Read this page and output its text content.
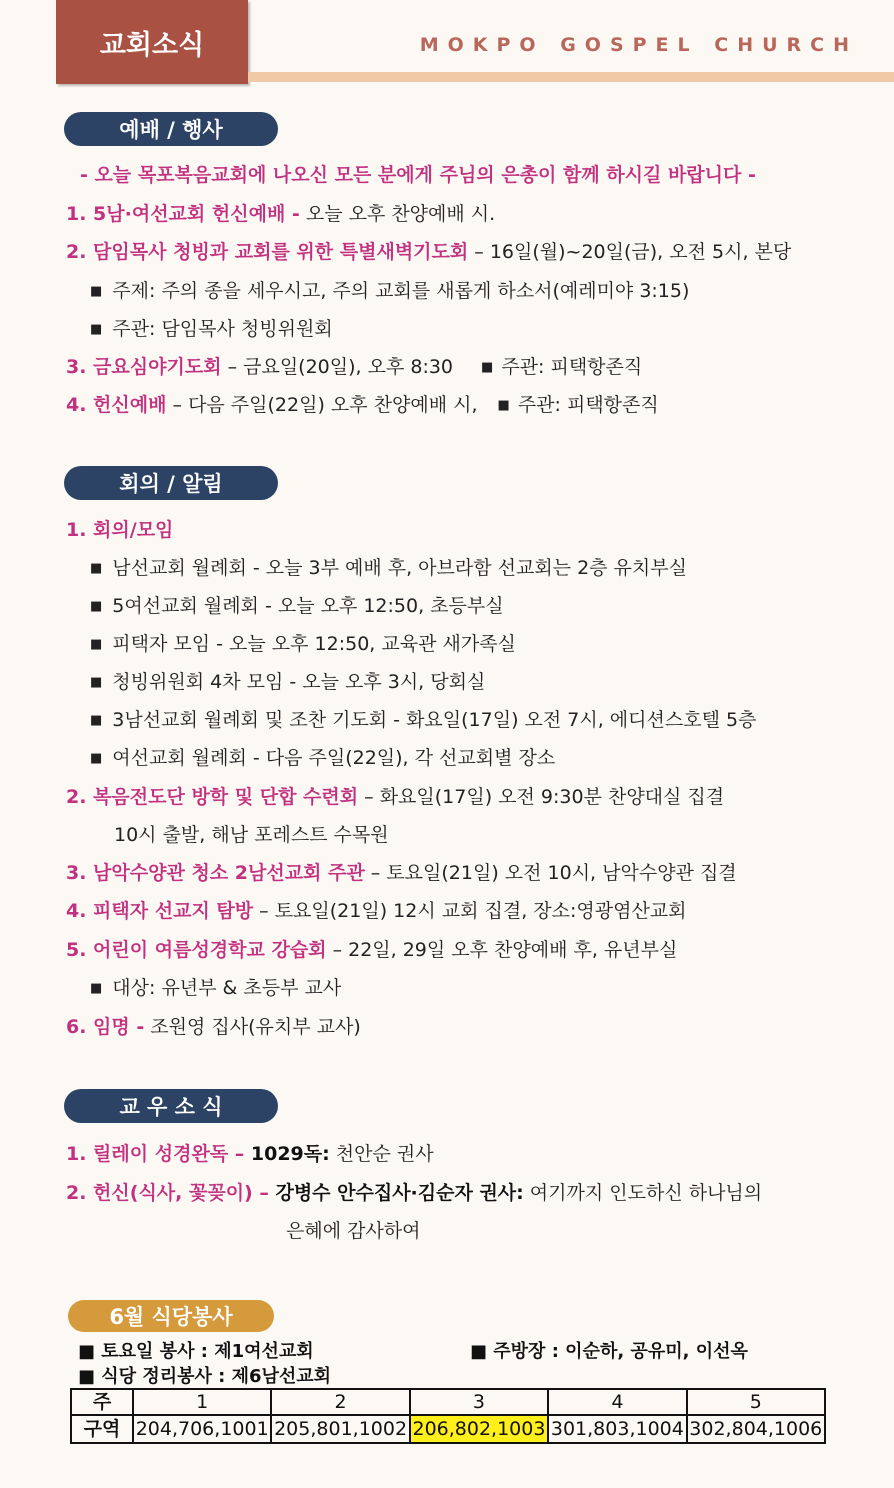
교회소식	MOKPO GOSPEL CHURCH
예배 / 행사
- 오늘 목포복음교회에 나오신 모든 분에게 주님의 은총이 함께 하시길 바랍니다 -
1. 5남·여선교회 헌신예배 - 오늘 오후 찬양예배 시.
2. 담임목사 청빙과 교회를 위한 특별새벽기도회 – 16일(월)~20일(금), 오전 5시, 본당
■ 주제: 주의 종을 세우시고, 주의 교회를 새롭게 하소서(예레미야 3:15)
■ 주관: 담임목사 청빙위원회
3. 금요심야기도회 – 금요일(20일), 오후 8:30 ■ 주관: 피택항존직
4. 헌신예배 – 다음 주일(22일) 오후 찬양예배 시, ■ 주관: 피택항존직
회의 / 알림
1. 회의/모임
■ 남선교회 월례회 - 오늘 3부 예배 후, 아브라함 선교회는 2층 유치부실
■ 5여선교회 월례회 - 오늘 오후 12:50, 초등부실
■ 피택자 모임 - 오늘 오후 12:50, 교육관 새가족실
■ 청빙위원회 4차 모임 - 오늘 오후 3시, 당회실
■ 3남선교회 월례회 및 조찬 기도회 - 화요일(17일) 오전 7시, 에디션스호텔 5층
■ 여선교회 월례회 - 다음 주일(22일), 각 선교회별 장소
2. 복음전도단 방학 및 단합 수련회 – 화요일(17일) 오전 9:30분 찬양대실 집결
10시 출발, 해남 포레스트 수목원
3. 남악수양관 청소 2남선교회 주관 – 토요일(21일) 오전 10시, 남악수양관 집결
4. 피택자 선교지 탐방 – 토요일(21일) 12시 교회 집결, 장소:영광염산교회
5. 어린이 여름성경학교 강습회 – 22일, 29일 오후 찬양예배 후, 유년부실
■ 대상: 유년부 & 초등부 교사
6. 임명 - 조원영 집사(유치부 교사)
교 우 소 식
1. 릴레이 성경완독 – 1029독: 천안순 권사
2. 헌신(식사, 꽃꽂이) – 강병수 안수집사·김순자 권사: 여기까지 인도하신 하나님의
은혜에 감사하여
6월 식당봉사
■ 토요일 봉사 : 제1여선교회	■ 주방장 : 이순하, 공유미, 이선옥
■ 식당 정리봉사 : 제6남선교회
주	1	2	3	4	5
구역	204,706,1001	205,801,1002	206,802,1003	301,803,1004	302,804,1006
